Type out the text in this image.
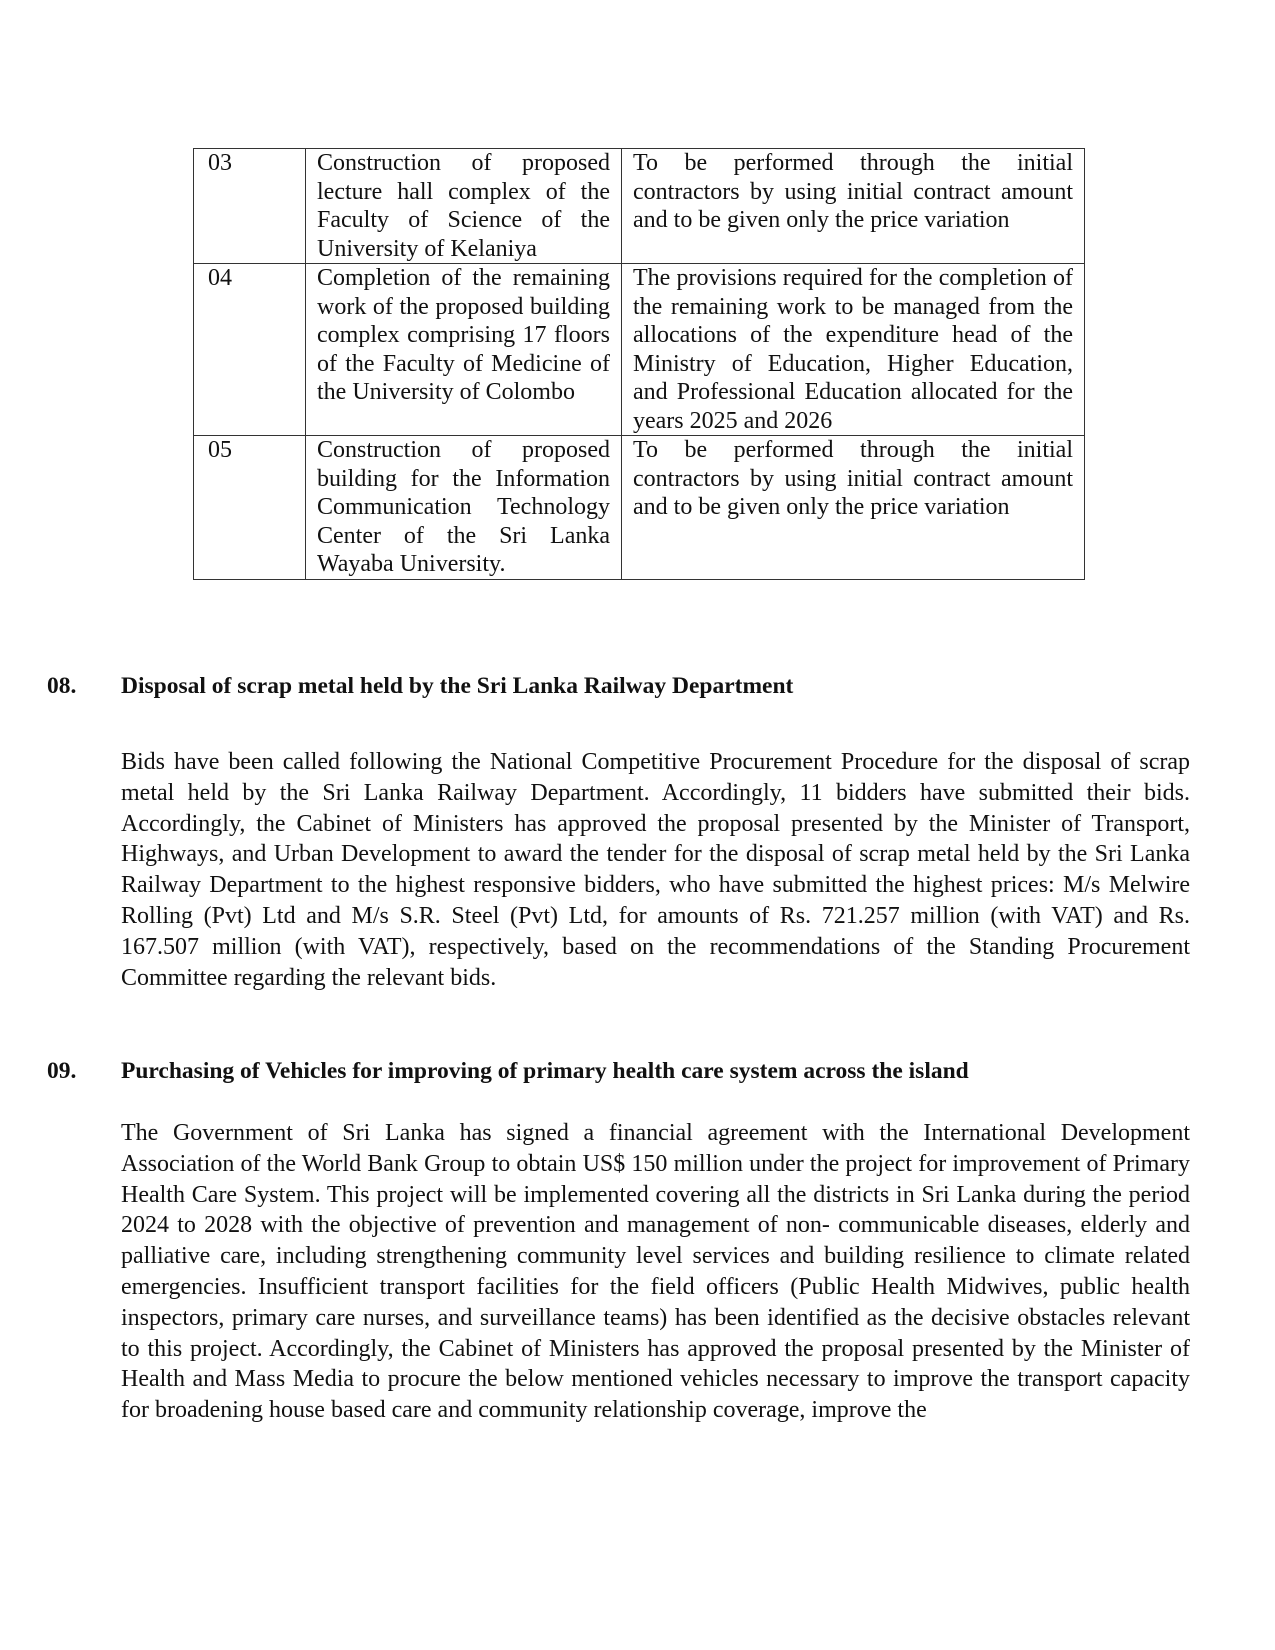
03	Construction of proposed lecture hall complex of the Faculty of Science of the University of Kelaniya	To be performed through the initial contractors by using initial contract amount and to be given only the price variation
04	Completion of the remaining work of the proposed building complex comprising 17 floors of the Faculty of Medicine of the University of Colombo	The provisions required for the completion of the remaining work to be managed from the allocations of the expenditure head of the Ministry of Education, Higher Education, and Professional Education allocated for the years 2025 and 2026
05	Construction of proposed building for the Information Communication Technology Center of the Sri Lanka Wayaba University.	To be performed through the initial contractors by using initial contract amount and to be given only the price variation
08.	Disposal of scrap metal held by the Sri Lanka Railway Department

Bids have been called following the National Competitive Procurement Procedure for the disposal of scrap metal held by the Sri Lanka Railway Department. Accordingly, 11 bidders have submitted their bids. Accordingly, the Cabinet of Ministers has approved the proposal presented by the Minister of Transport, Highways, and Urban Development to award the tender for the disposal of scrap metal held by the Sri Lanka Railway Department to the highest responsive bidders, who have submitted the highest prices: M/s Melwire Rolling (Pvt) Ltd and M/s S.R. Steel (Pvt) Ltd, for amounts of Rs. 721.257 million (with VAT) and Rs. 167.507 million (with VAT), respectively, based on the recommendations of the Standing Procurement Committee regarding the relevant bids.

09.	Purchasing of Vehicles for improving of primary health care system across the island

The Government of Sri Lanka has signed a financial agreement with the International Development Association of the World Bank Group to obtain US$ 150 million under the project for improvement of Primary Health Care System. This project will be implemented covering all the districts in Sri Lanka during the period 2024 to 2028 with the objective of prevention and management of non- communicable diseases, elderly and palliative care, including strengthening community level services and building resilience to climate related emergencies. Insufficient transport facilities for the field officers (Public Health Midwives, public health inspectors, primary care nurses, and surveillance teams) has been identified as the decisive obstacles relevant to this project. Accordingly, the Cabinet of Ministers has approved the proposal presented by the Minister of Health and Mass Media to procure the below mentioned vehicles necessary to improve the transport capacity for broadening house based care and community relationship coverage, improve the
